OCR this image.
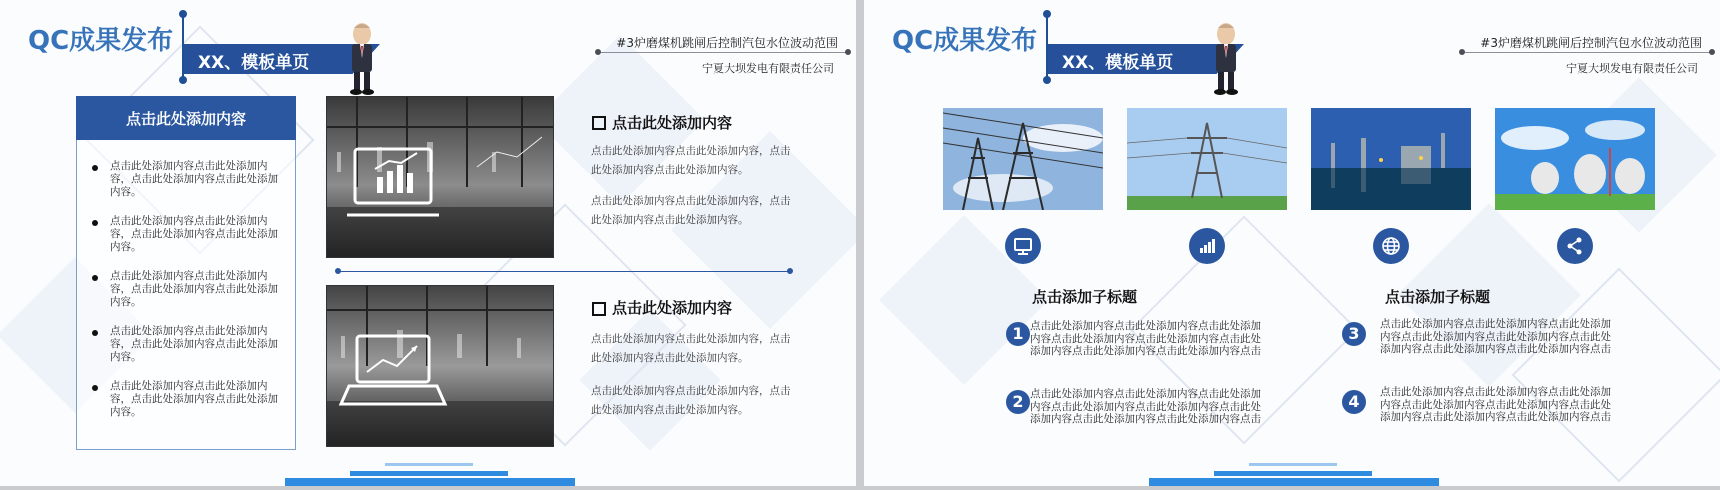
QC成果发布
XX、模板单页
#3炉磨煤机跳闸后控制汽包水位波动范围
宁夏大坝发电有限责任公司
点击此处添加内容
点击此处添加内容点击此处添加内容，点击此处添加内容点击此处添加内容。
点击此处添加内容点击此处添加内容，点击此处添加内容点击此处添加内容。
点击此处添加内容点击此处添加内容，点击此处添加内容点击此处添加内容。
点击此处添加内容点击此处添加内容，点击此处添加内容点击此处添加内容。
点击此处添加内容点击此处添加内容，点击此处添加内容点击此处添加内容。
点击此处添加内容
点击此处添加内容点击此处添加内容，点击此处添加内容点击此处添加内容。
点击此处添加内容点击此处添加内容，点击此处添加内容点击此处添加内容。
点击此处添加内容
点击此处添加内容点击此处添加内容，点击此处添加内容点击此处添加内容。
点击此处添加内容点击此处添加内容，点击此处添加内容点击此处添加内容。
QC成果发布
XX、模板单页
#3炉磨煤机跳闸后控制汽包水位波动范围
宁夏大坝发电有限责任公司
点击添加子标题	点击添加子标题
1 点击此处添加内容点击此处添加内容点击此处添加内容点击此处添加内容点击此处添加内容点击此处添加内容点击此处添加内容点击此处添加内容点击
2 点击此处添加内容点击此处添加内容点击此处添加内容点击此处添加内容点击此处添加内容点击此处添加内容点击此处添加内容点击此处添加内容点击
3	点击此处添加内容点击此处添加内容点击此处添加内容点击此处添加内容点击此处添加内容点击此处添加内容点击此处添加内容点击此处添加内容点击
4	点击此处添加内容点击此处添加内容点击此处添加内容点击此处添加内容点击此处添加内容点击此处添加内容点击此处添加内容点击此处添加内容点击
